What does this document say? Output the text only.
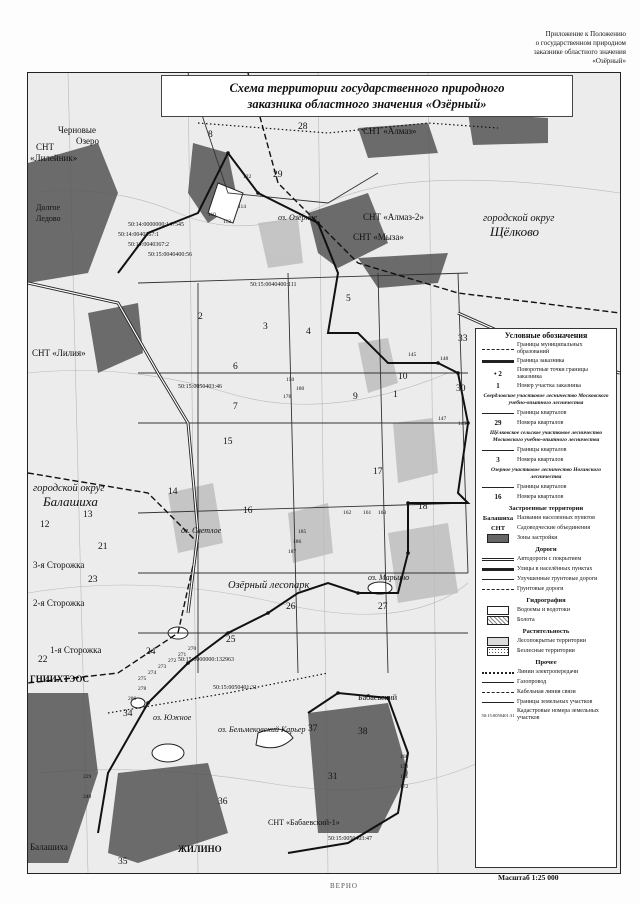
Приложение к Положению
о государственном природном
заказнике областного значения
«Озёрный»
Схема территории государственного природного
заказника областного значения «Озёрный»
городской округ
Щёлково
городской округ
Балашиха
Озёрный лесопарк
СНТ «Алмаз»
СНТ «Алмаз-2»
СНТ «Мыза»
СНТ
«Лилейник»
СНТ «Лилия»
СНТ «Бабаевский-1»
3-я Сторожка
2-я Сторожка
1-я Сторожка
Долгое
Ледово
ГНИИХТЭОС
оз. Марьино
оз. Бельмековский Карьер
оз. Южное
оз. Озёрное
оз. Светлое
Озеро
Черновые
Бабаевский
Балашиха	ЖИЛИНО
28
29
8
7
6
5
4
3
2
1
33
10
9
16
15
14
13
12
17
18
23
22
24
25
26	27
21
37
36
35
34
30
31
38
50:14:0040367:1
50:14:0040367:2
50:15:0040400:111
50:15:0050403:46
50:15:0040400:56
50:15:0050401:31
50:14:0000000:147545
50:15:0000000:132963
50:15:0050403:47
148
147
145
149
150
161
162	163
185
186
187
270
271
272
273
274
275
278
286
229
240
110
112
114
122
168
170
171
172
178
180
Условные обозначения
Границы муниципальных образований
Граница заказника
• 2	Поворотные точки границы заказника
1	Номер участка заказника
Свердловское участковое лесничество Московского учебно-опытного лесничества
Границы кварталов
29	Номера кварталов
Щёлковское сельское участковое лесничество Московского учебно-опытного лесничества
Границы кварталов
3	Номера кварталов
Озерное участковое лесничество Ногинского лесничества
Границы кварталов
16	Номера кварталов
Застроенные территории
Балашиха Названия населенных пунктов
СНТ	Садоводческие объединения
Зоны застройки
Дороги
Автодороги с покрытием
Улицы в населённых пунктах
Улучшенные грунтовые дороги
Грунтовые дороги
Гидрография
Водоемы и водотоки
Болота
Растительность
Лесопокрытые территории
Безлесные территории
Прочее
Линии электропередачи
Газопровод
Кабельная линия связи
Границы земельных участков
50:15:0050401:31
Кадастровые номера земельных участков
Масштаб 1:25 000
ВЕРНО
